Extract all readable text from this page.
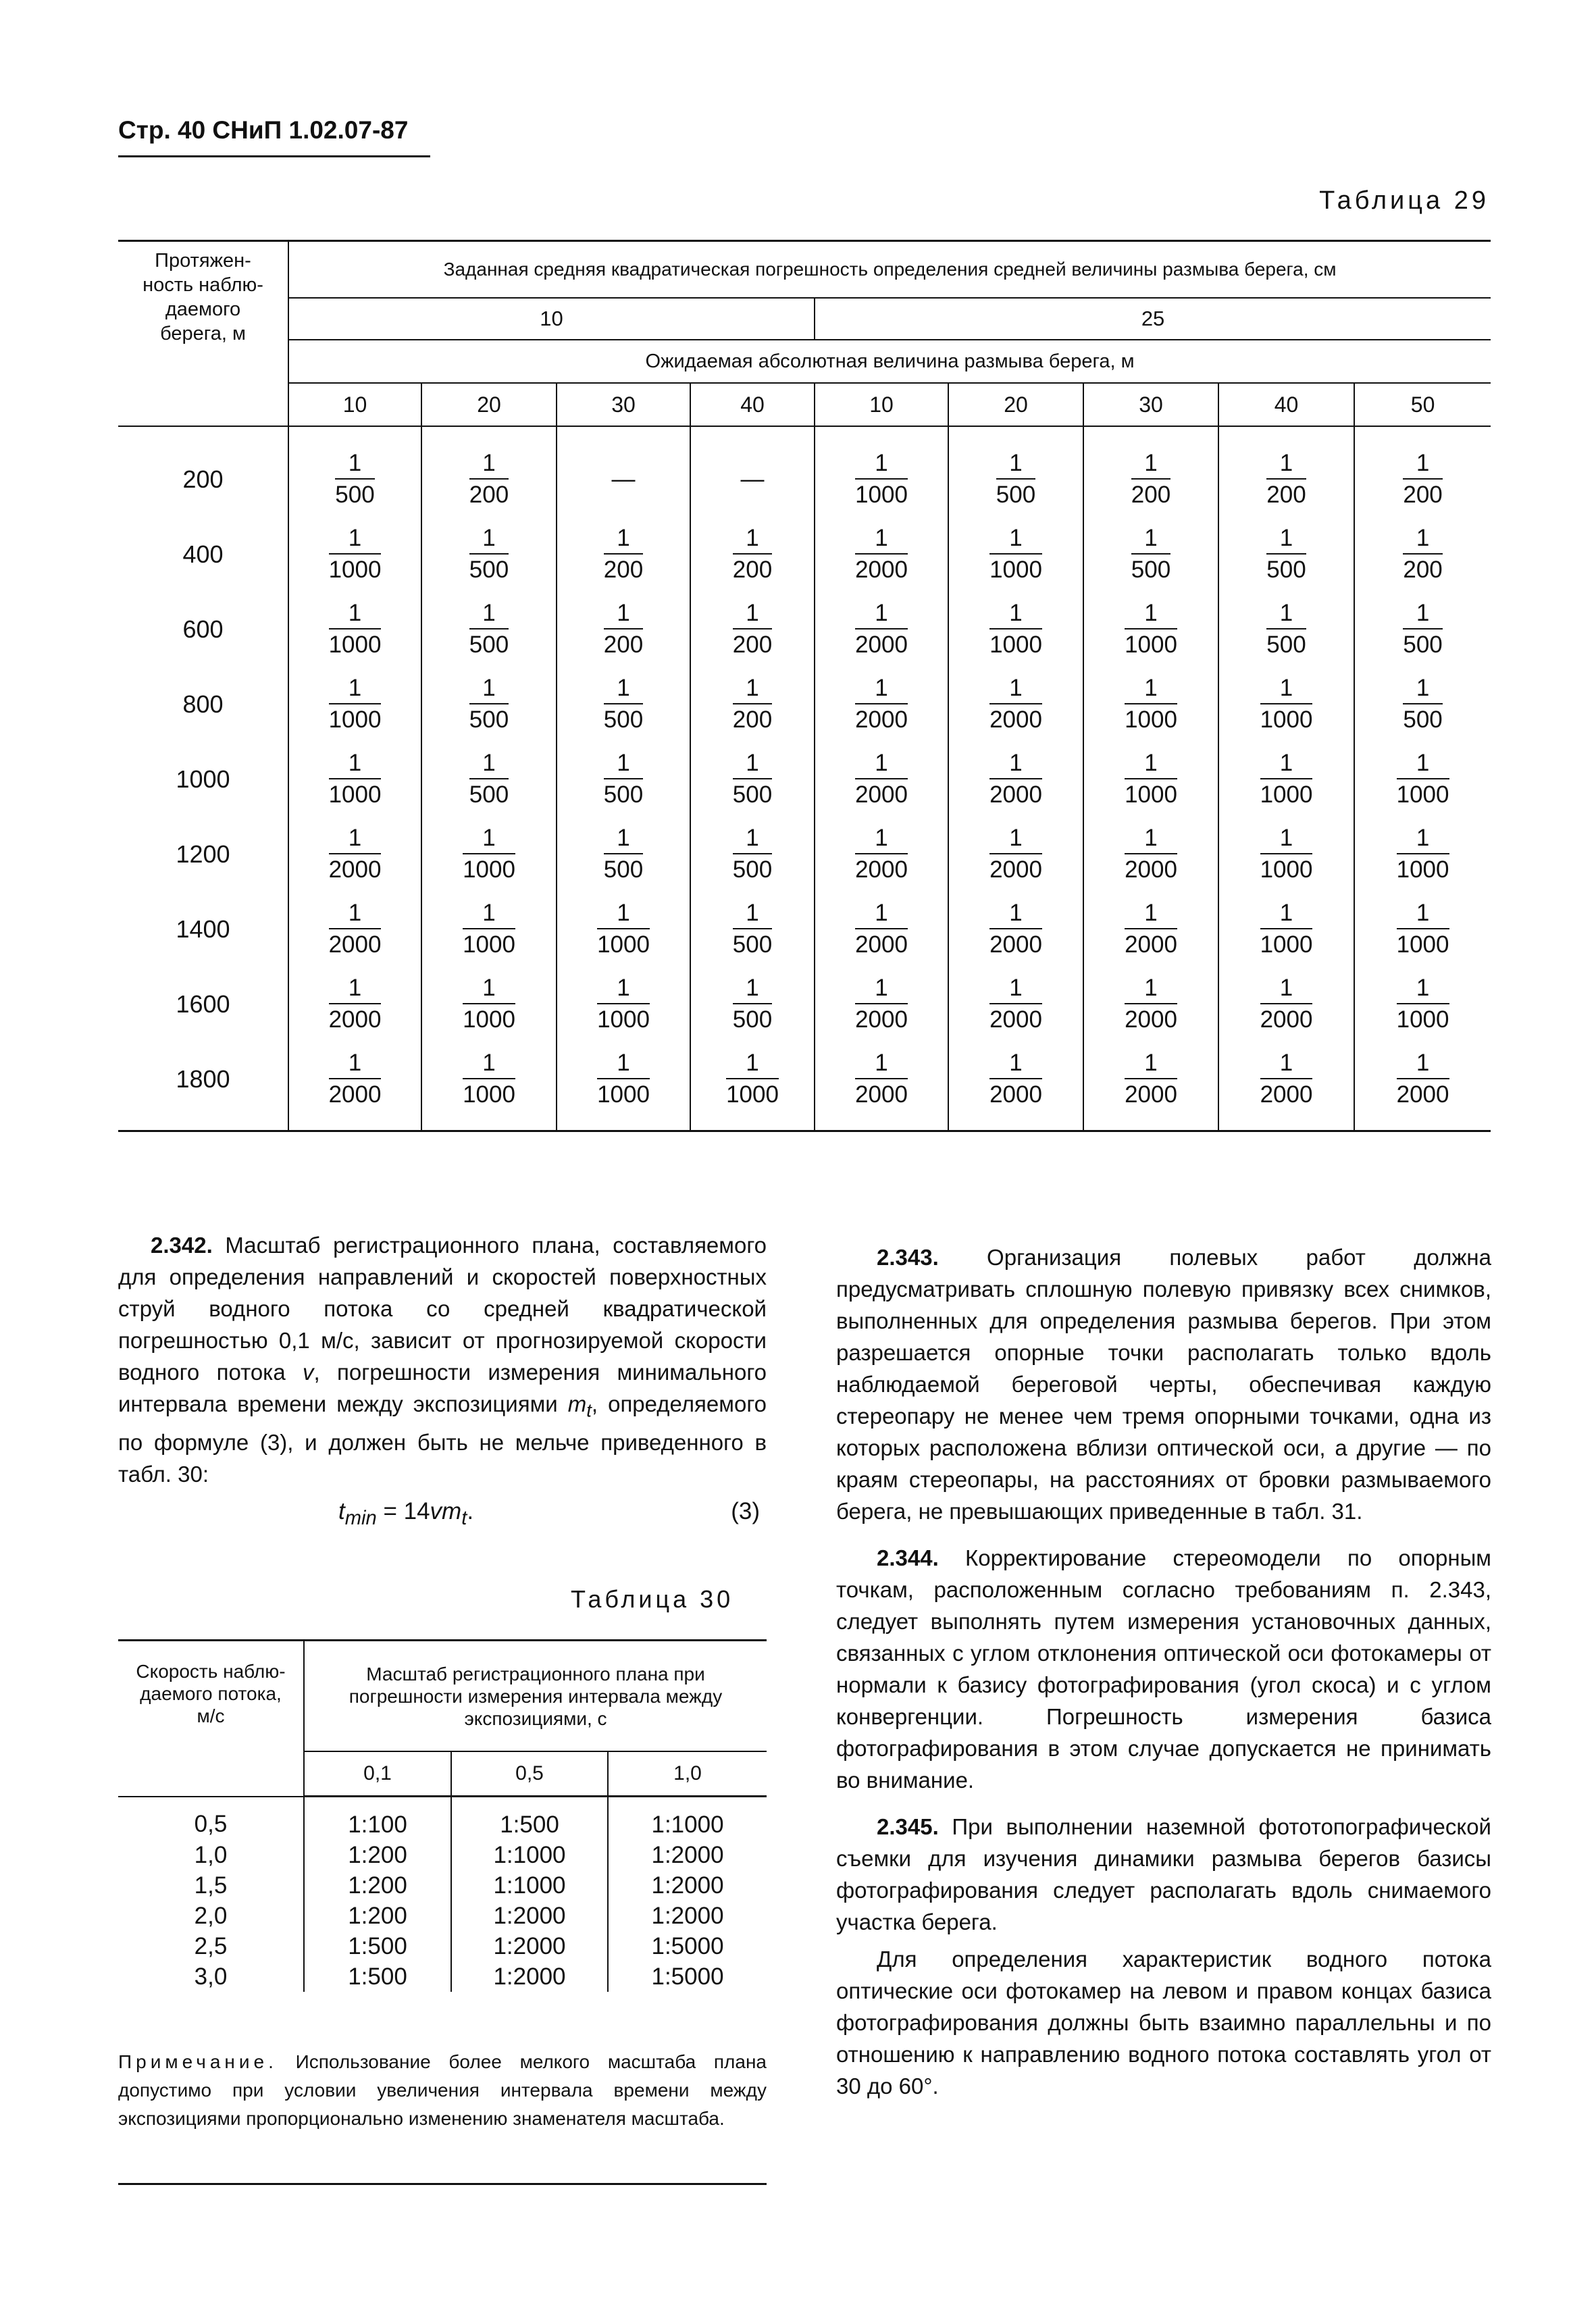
Стр. 40 СНиП 1.02.07-87
Таблица 29
Протяжен-
ность наблю-
даемого
берега, м	Заданная средняя квадратическая погрешность определения средней величины размыва берега, см								
	10				25				
	Ожидаемая абсолютная величина размыва берега, м								
	10	20	30	40	10	20	30	40	50
200	$\frac{1}{500}$	$\frac{1}{200}$	—	—	$\frac{1}{1000}$	$\frac{1}{500}$	$\frac{1}{200}$	$\frac{1}{200}$	$\frac{1}{200}$

400	$\frac{1}{1000}$	$\frac{1}{500}$	$\frac{1}{200}$	$\frac{1}{200}$	$\frac{1}{2000}$	$\frac{1}{1000}$	$\frac{1}{500}$	$\frac{1}{500}$	$\frac{1}{200}$

600	$\frac{1}{1000}$	$\frac{1}{500}$	$\frac{1}{200}$	$\frac{1}{200}$	$\frac{1}{2000}$	$\frac{1}{1000}$	$\frac{1}{1000}$	$\frac{1}{500}$	$\frac{1}{500}$

800	$\frac{1}{1000}$	$\frac{1}{500}$	$\frac{1}{500}$	$\frac{1}{200}$	$\frac{1}{2000}$	$\frac{1}{2000}$	$\frac{1}{1000}$	$\frac{1}{1000}$	$\frac{1}{500}$

1000	$\frac{1}{1000}$	$\frac{1}{500}$	$\frac{1}{500}$	$\frac{1}{500}$	$\frac{1}{2000}$	$\frac{1}{2000}$	$\frac{1}{1000}$	$\frac{1}{1000}$	$\frac{1}{1000}$

1200	$\frac{1}{2000}$	$\frac{1}{1000}$	$\frac{1}{500}$	$\frac{1}{500}$	$\frac{1}{2000}$	$\frac{1}{2000}$	$\frac{1}{2000}$	$\frac{1}{1000}$	$\frac{1}{1000}$

1400	$\frac{1}{2000}$	$\frac{1}{1000}$	$\frac{1}{1000}$	$\frac{1}{500}$	$\frac{1}{2000}$	$\frac{1}{2000}$	$\frac{1}{2000}$	$\frac{1}{1000}$	$\frac{1}{1000}$

1600	$\frac{1}{2000}$	$\frac{1}{1000}$	$\frac{1}{1000}$	$\frac{1}{500}$	$\frac{1}{2000}$	$\frac{1}{2000}$	$\frac{1}{2000}$	$\frac{1}{2000}$	$\frac{1}{1000}$

1800	$\frac{1}{2000}$	$\frac{1}{1000}$	$\frac{1}{1000}$	$\frac{1}{1000}$	$\frac{1}{2000}$	$\frac{1}{2000}$	$\frac{1}{2000}$	$\frac{1}{2000}$	$\frac{1}{2000}$

2.342. Масштаб регистрационного плана, составляемого для определения направлений и скоростей поверхностных струй водного потока со средней квадратической погрешностью 0,1 м/с, зависит от прогнозируемой скорости водного потока v, погрешности измерения минимального интервала времени между экспозициями $m_t$, определяемого по формуле (3), и должен быть не мельче приведенного в табл. 30:

$t_{min} = 14vm_t$.	(3)
Таблица 30
Скорость наблю-
даемого потока,
м/с	Масштаб регистрационного плана при погрешности измерения интервала между экспозициями, с		
	0,1	0,5	1,0
0,5	1:100	1:500	1:1000
1,0	1:200	1:1000	1:2000
1,5	1:200	1:1000	1:2000
2,0	1:200	1:2000	1:2000
2,5	1:500	1:2000	1:5000
3,0	1:500	1:2000	1:5000
Примечание. Использование более мелкого масштаба плана допустимо при условии увеличения интервала времени между экспозициями пропорционально изменению знаменателя масштаба.

2.343. Организация полевых работ должна предусматривать сплошную полевую привязку всех снимков, выполненных для определения размыва берегов. При этом разрешается опорные точки располагать только вдоль наблюдаемой береговой черты, обеспечивая каждую стереопару не менее чем тремя опорными точками, одна из которых расположена вблизи оптической оси, а другие — по краям стереопары, на расстояниях от бровки размываемого берега, не превышающих приведенные в табл. 31.

2.344. Корректирование стереомодели по опорным точкам, расположенным согласно требованиям п. 2.343, следует выполнять путем измерения установочных данных, связанных с углом отклонения оптической оси фотокамеры от нормали к базису фотографирования (угол скоса) и с углом конвергенции. Погрешность измерения базиса фотографирования в этом случае допускается не принимать во внимание.

2.345. При выполнении наземной фототопографической съемки для изучения динамики размыва берегов базисы фотографирования следует располагать вдоль снимаемого участка берега.

Для определения характеристик водного потока оптические оси фотокамер на левом и правом концах базиса фотографирования должны быть взаимно параллельны и по отношению к направлению водного потока составлять угол от 30 до 60°.
